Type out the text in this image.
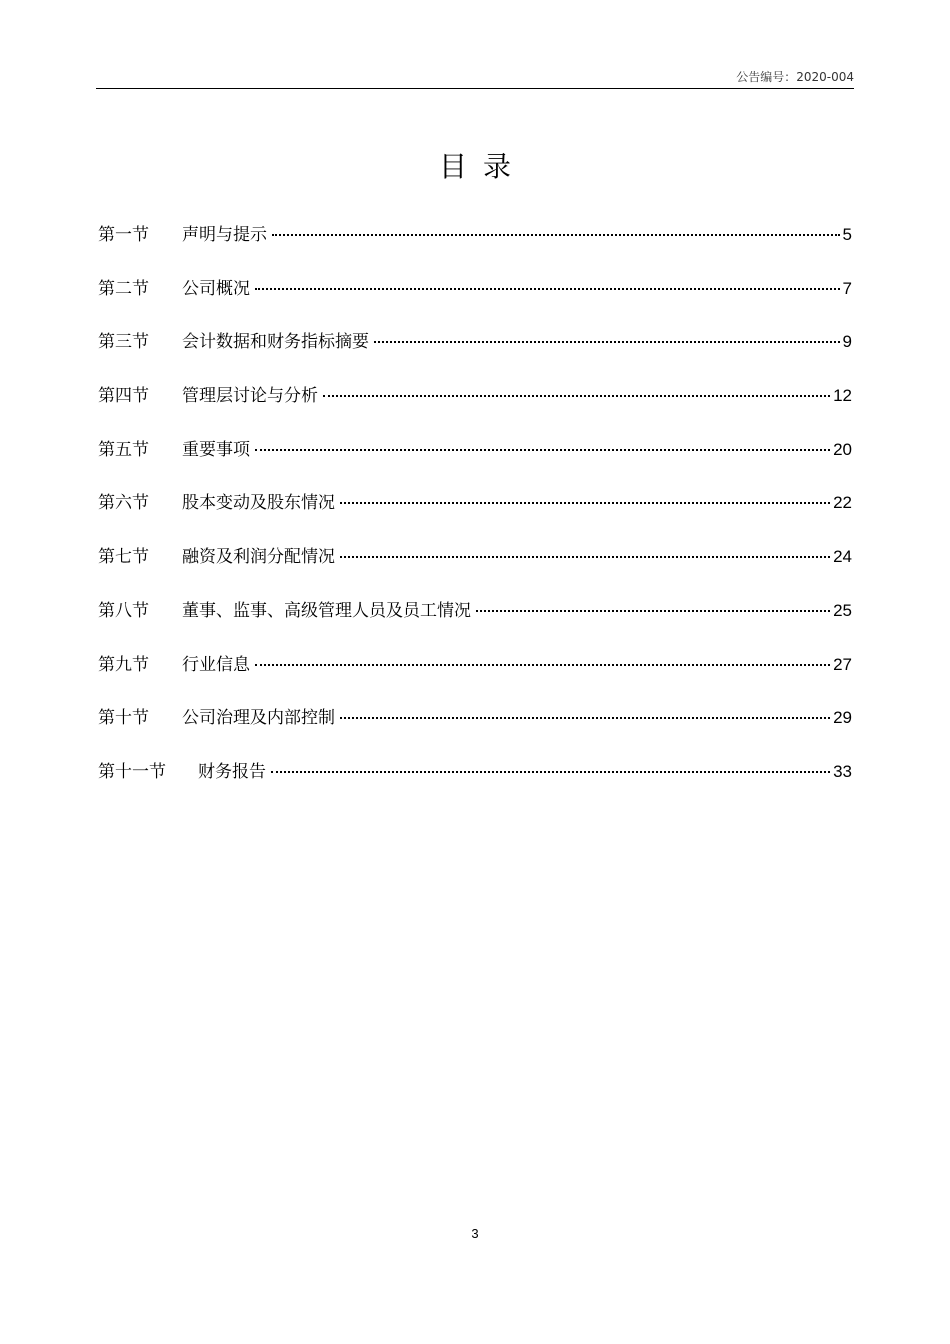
公告编号：2020-004
目录
第一节	声明与提示	5
第二节	公司概况	7
第三节	会计数据和财务指标摘要	9
第四节	管理层讨论与分析	12
第五节	重要事项	20
第六节	股本变动及股东情况	22
第七节	融资及利润分配情况	24
第八节	董事、监事、高级管理人员及员工情况	25
第九节	行业信息	27
第十节	公司治理及内部控制	29
第十一节	财务报告	33
3
